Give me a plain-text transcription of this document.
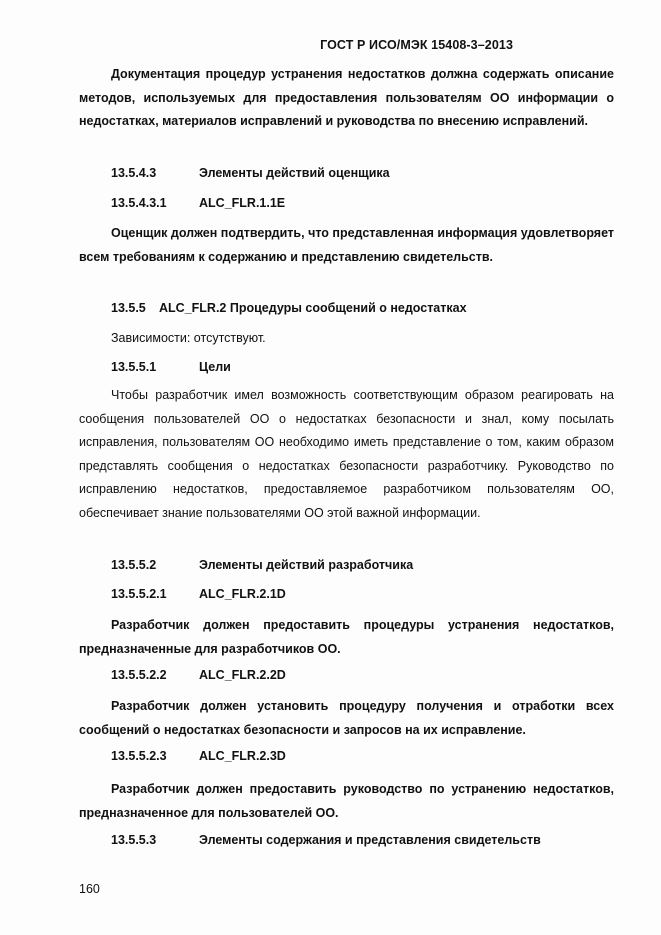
ГОСТ Р ИСО/МЭК 15408-3–2013
Документация процедур устранения недостатков должна содержать описание методов, используемых для предоставления пользователям ОО информации о недостатках, материалов исправлений и руководства по внесению исправлений.
13.5.4.3	Элементы действий оценщика
13.5.4.3.1	ALC_FLR.1.1E
Оценщик должен подтвердить, что представленная информация удовлетворяет всем требованиям к содержанию и представлению свидетельств.
13.5.5 ALC_FLR.2 Процедуры сообщений о недостатках
Зависимости: отсутствуют.
13.5.5.1	Цели
Чтобы разработчик имел возможность соответствующим образом реагировать на сообщения пользователей ОО о недостатках безопасности и знал, кому посылать исправления, пользователям ОО необходимо иметь представление о том, каким образом представлять сообщения о недостатках безопасности разработчику. Руководство по исправлению недостатков, предоставляемое разработчиком пользователям ОО, обеспечивает знание пользователями ОО этой важной информации.
13.5.5.2	Элементы действий разработчика
13.5.5.2.1	ALC_FLR.2.1D
Разработчик должен предоставить процедуры устранения недостатков, предназначенные для разработчиков ОО.
13.5.5.2.2	ALC_FLR.2.2D
Разработчик должен установить процедуру получения и отработки всех сообщений о недостатках безопасности и запросов на их исправление.
13.5.5.2.3	ALC_FLR.2.3D
Разработчик должен предоставить руководство по устранению недостатков, предназначенное для пользователей ОО.
13.5.5.3	Элементы содержания и представления свидетельств
160
